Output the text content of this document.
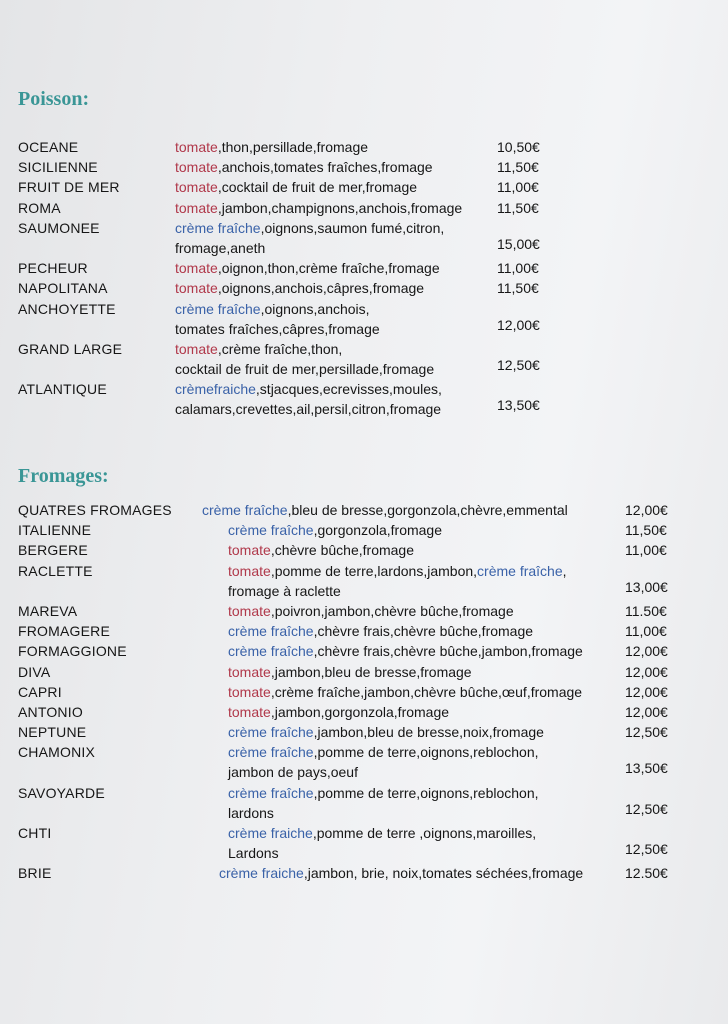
Poisson:
OCEANE	tomate,thon,persillade,fromage	10,50€
SICILIENNE	tomate,anchois,tomates fraîches,fromage	11,50€
FRUIT DE MER	tomate,cocktail de fruit de mer,fromage	11,00€
ROMA	tomate,jambon,champignons,anchois,fromage 11,50€
SAUMONEE	crème fraîche,oignons,saumon fumé,citron,
fromage,aneth	15,00€
PECHEUR	tomate,oignon,thon,crème fraîche,fromage	11,00€
NAPOLITANA	tomate,oignons,anchois,câpres,fromage	11,50€
ANCHOYETTE	crème fraîche,oignons,anchois,
tomates fraîches,câpres,fromage	12,00€
GRAND LARGE	tomate,crème fraîche,thon,
cocktail de fruit de mer,persillade,fromage	12,50€
ATLANTIQUE	crèmefraiche,stjacques,ecrevisses,moules,
calamars,crevettes,ail,persil,citron,fromage	13,50€
Fromages:
QUATRES FROMAGES crème fraîche,bleu de bresse,gorgonzola,chèvre,emmental	12,00€
ITALIENNE	crème fraîche,gorgonzola,fromage	11,50€
BERGERE	tomate,chèvre bûche,fromage	11,00€
RACLETTE	tomate,pomme de terre,lardons,jambon,crème fraîche,
fromage à raclette	13,00€
MAREVA	tomate,poivron,jambon,chèvre bûche,fromage	11.50€
FROMAGERE	crème fraîche,chèvre frais,chèvre bûche,fromage	11,00€
FORMAGGIONE	crème fraîche,chèvre frais,chèvre bûche,jambon,fromage	12,00€
DIVA	tomate,jambon,bleu de bresse,fromage	12,00€
CAPRI	tomate,crème fraîche,jambon,chèvre bûche,œuf,fromage	12,00€
ANTONIO	tomate,jambon,gorgonzola,fromage	12,00€
NEPTUNE	crème fraîche,jambon,bleu de bresse,noix,fromage	12,50€
CHAMONIX	crème fraîche,pomme de terre,oignons,reblochon,
jambon de pays,oeuf	13,50€
SAVOYARDE	crème fraîche,pomme de terre,oignons,reblochon,
lardons	12,50€
CHTI	crème fraiche,pomme de terre ,oignons,maroilles,
Lardons	12,50€
BRIE	crème fraiche,jambon, brie, noix,tomates séchées,fromage	12.50€
